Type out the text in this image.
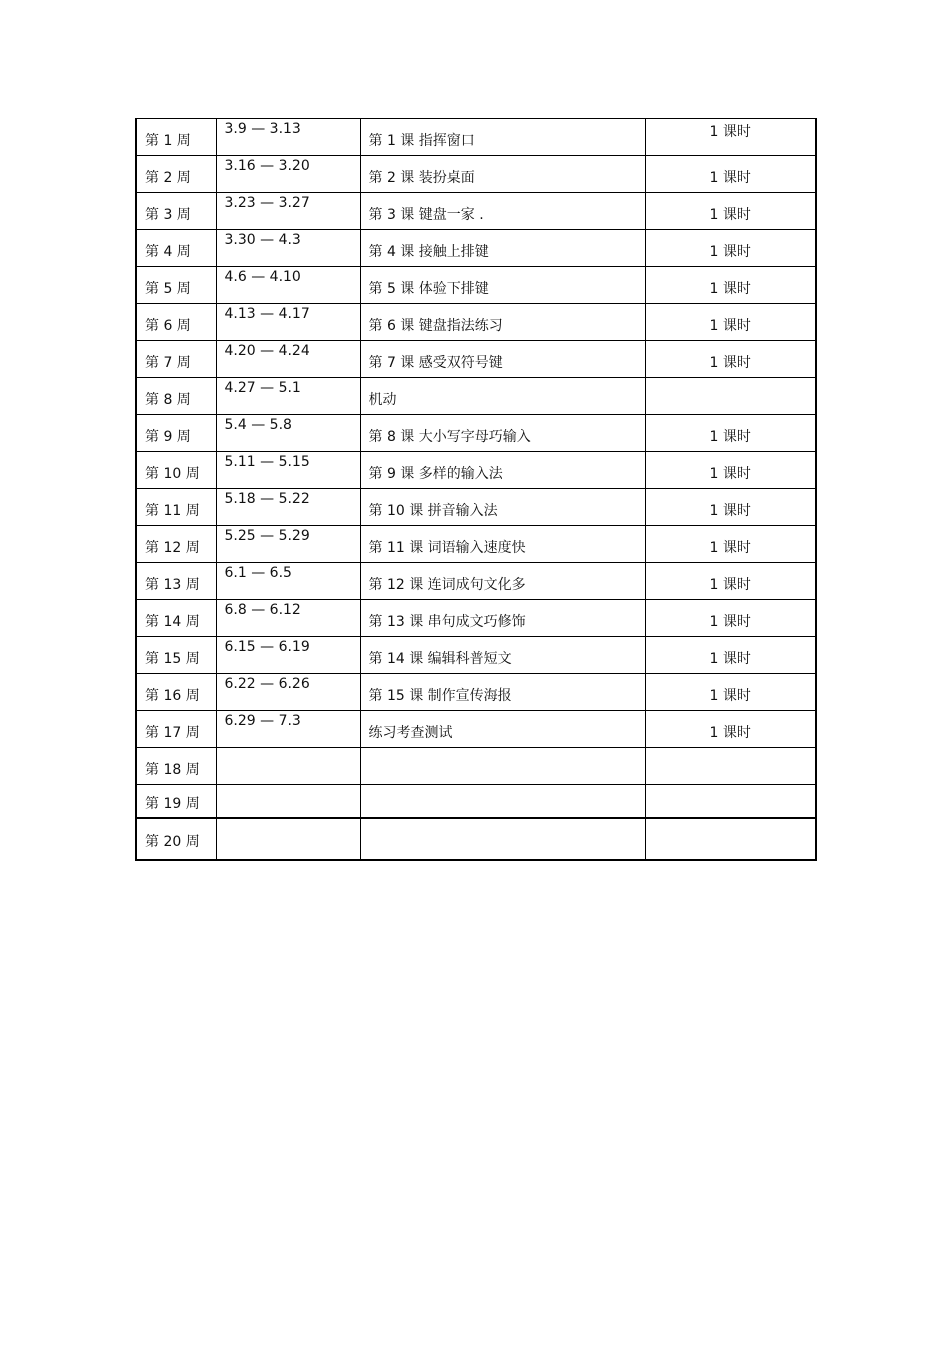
第 1 周	3.9 — 3.13	第 1 课 指挥窗口	1 课时
第 2 周	3.16 — 3.20	第 2 课 装扮桌面	1 课时
第 3 周	3.23 — 3.27	第 3 课 键盘一家 .	1 课时
第 4 周	3.30 — 4.3	第 4 课 接触上排键	1 课时
第 5 周	4.6 — 4.10	第 5 课 体验下排键	1 课时
第 6 周	4.13 — 4.17	第 6 课 键盘指法练习	1 课时
第 7 周	4.20 — 4.24	第 7 课 感受双符号键	1 课时
第 8 周	4.27 — 5.1	机动	
第 9 周	5.4 — 5.8	第 8 课 大小写字母巧输入	1 课时
第 10 周	5.11 — 5.15	第 9 课 多样的输入法	1 课时
第 11 周	5.18 — 5.22	第 10 课 拼音输入法	1 课时
第 12 周	5.25 — 5.29	第 11 课 词语输入速度快	1 课时
第 13 周	6.1 — 6.5	第 12 课 连词成句文化多	1 课时
第 14 周	6.8 — 6.12	第 13 课 串句成文巧修饰	1 课时
第 15 周	6.15 — 6.19	第 14 课 编辑科普短文	1 课时
第 16 周	6.22 — 6.26	第 15 课 制作宣传海报	1 课时
第 17 周	6.29 — 7.3	练习考查测试	1 课时
第 18 周			
第 19 周			
第 20 周			
